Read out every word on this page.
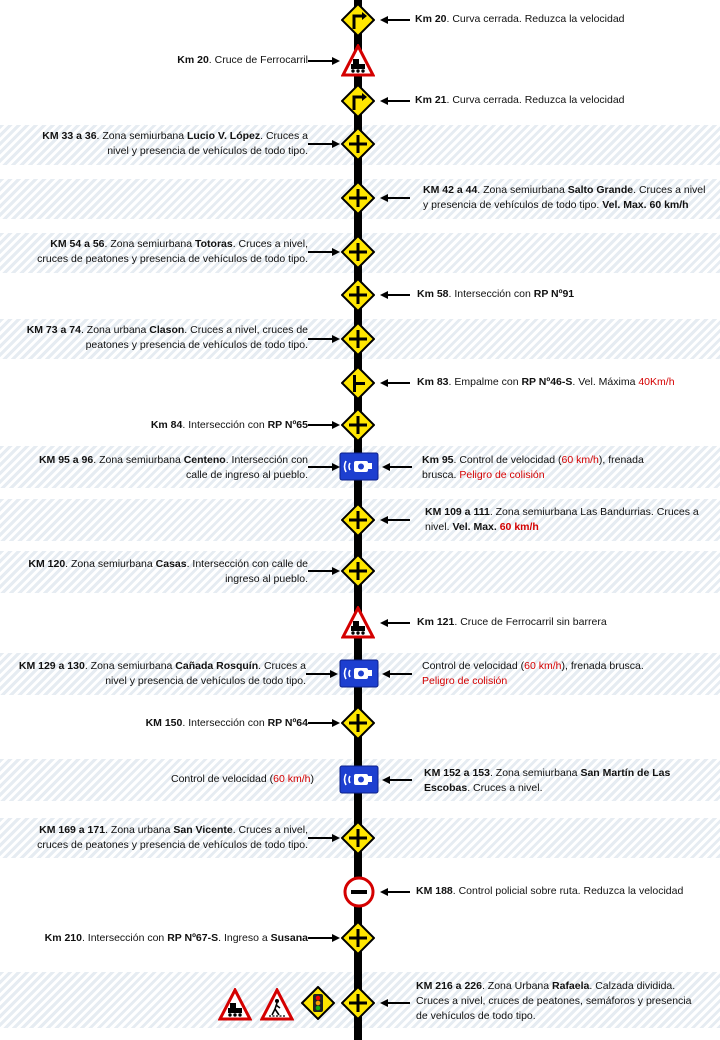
Km 20. Curva cerrada. Reduzca la velocidad
Km 20. Cruce de Ferrocarril
Km 21. Curva cerrada. Reduzca la velocidad
KM 33 a 36. Zona semiurbana Lucio V. López. Cruces a
nivel y presencia de vehículos de todo tipo.
KM 42 a 44. Zona semiurbana Salto Grande. Cruces a nivel
y presencia de vehículos de todo tipo. Vel. Max. 60 km/h
KM 54 a 56. Zona semiurbana Totoras. Cruces a nivel,
cruces de peatones y presencia de vehículos de todo tipo.
Km 58. Intersección con RP Nº91
KM 73 a 74. Zona urbana Clason. Cruces a nivel, cruces de
peatones y presencia de vehículos de todo tipo.
Km 83. Empalme con RP Nº46-S. Vel. Máxima 40Km/h
Km 84. Intersección con RP Nº65
KM 95 a 96. Zona semiurbana Centeno. Intersección con
calle de ingreso al pueblo.
Km 95. Control de velocidad (60 km/h), frenada
brusca. Peligro de colisión
KM 109 a 111. Zona semiurbana Las Bandurrias. Cruces a
nivel. Vel. Max. 60 km/h
KM 120. Zona semiurbana Casas. Intersección con calle de
ingreso al pueblo.
Km 121. Cruce de Ferrocarril sin barrera
KM 129 a 130. Zona semiurbana Cañada Rosquín. Cruces a
nivel y presencia de vehículos de todo tipo.
Control de velocidad (60 km/h), frenada brusca.
Peligro de colisión
KM 150. Intersección con RP Nº64
Control de velocidad (60 km/h)	KM 152 a 153. Zona semiurbana San Martín de Las
Escobas. Cruces a nivel.
KM 169 a 171. Zona urbana San Vicente. Cruces a nivel,
cruces de peatones y presencia de vehículos de todo tipo.
KM 188. Control policial sobre ruta. Reduzca la velocidad
Km 210. Intersección con RP Nº67-S. Ingreso a Susana
KM 216 a 226. Zona Urbana Rafaela. Calzada dividida.
Cruces a nivel, cruces de peatones, semáforos y presencia
de vehículos de todo tipo.
